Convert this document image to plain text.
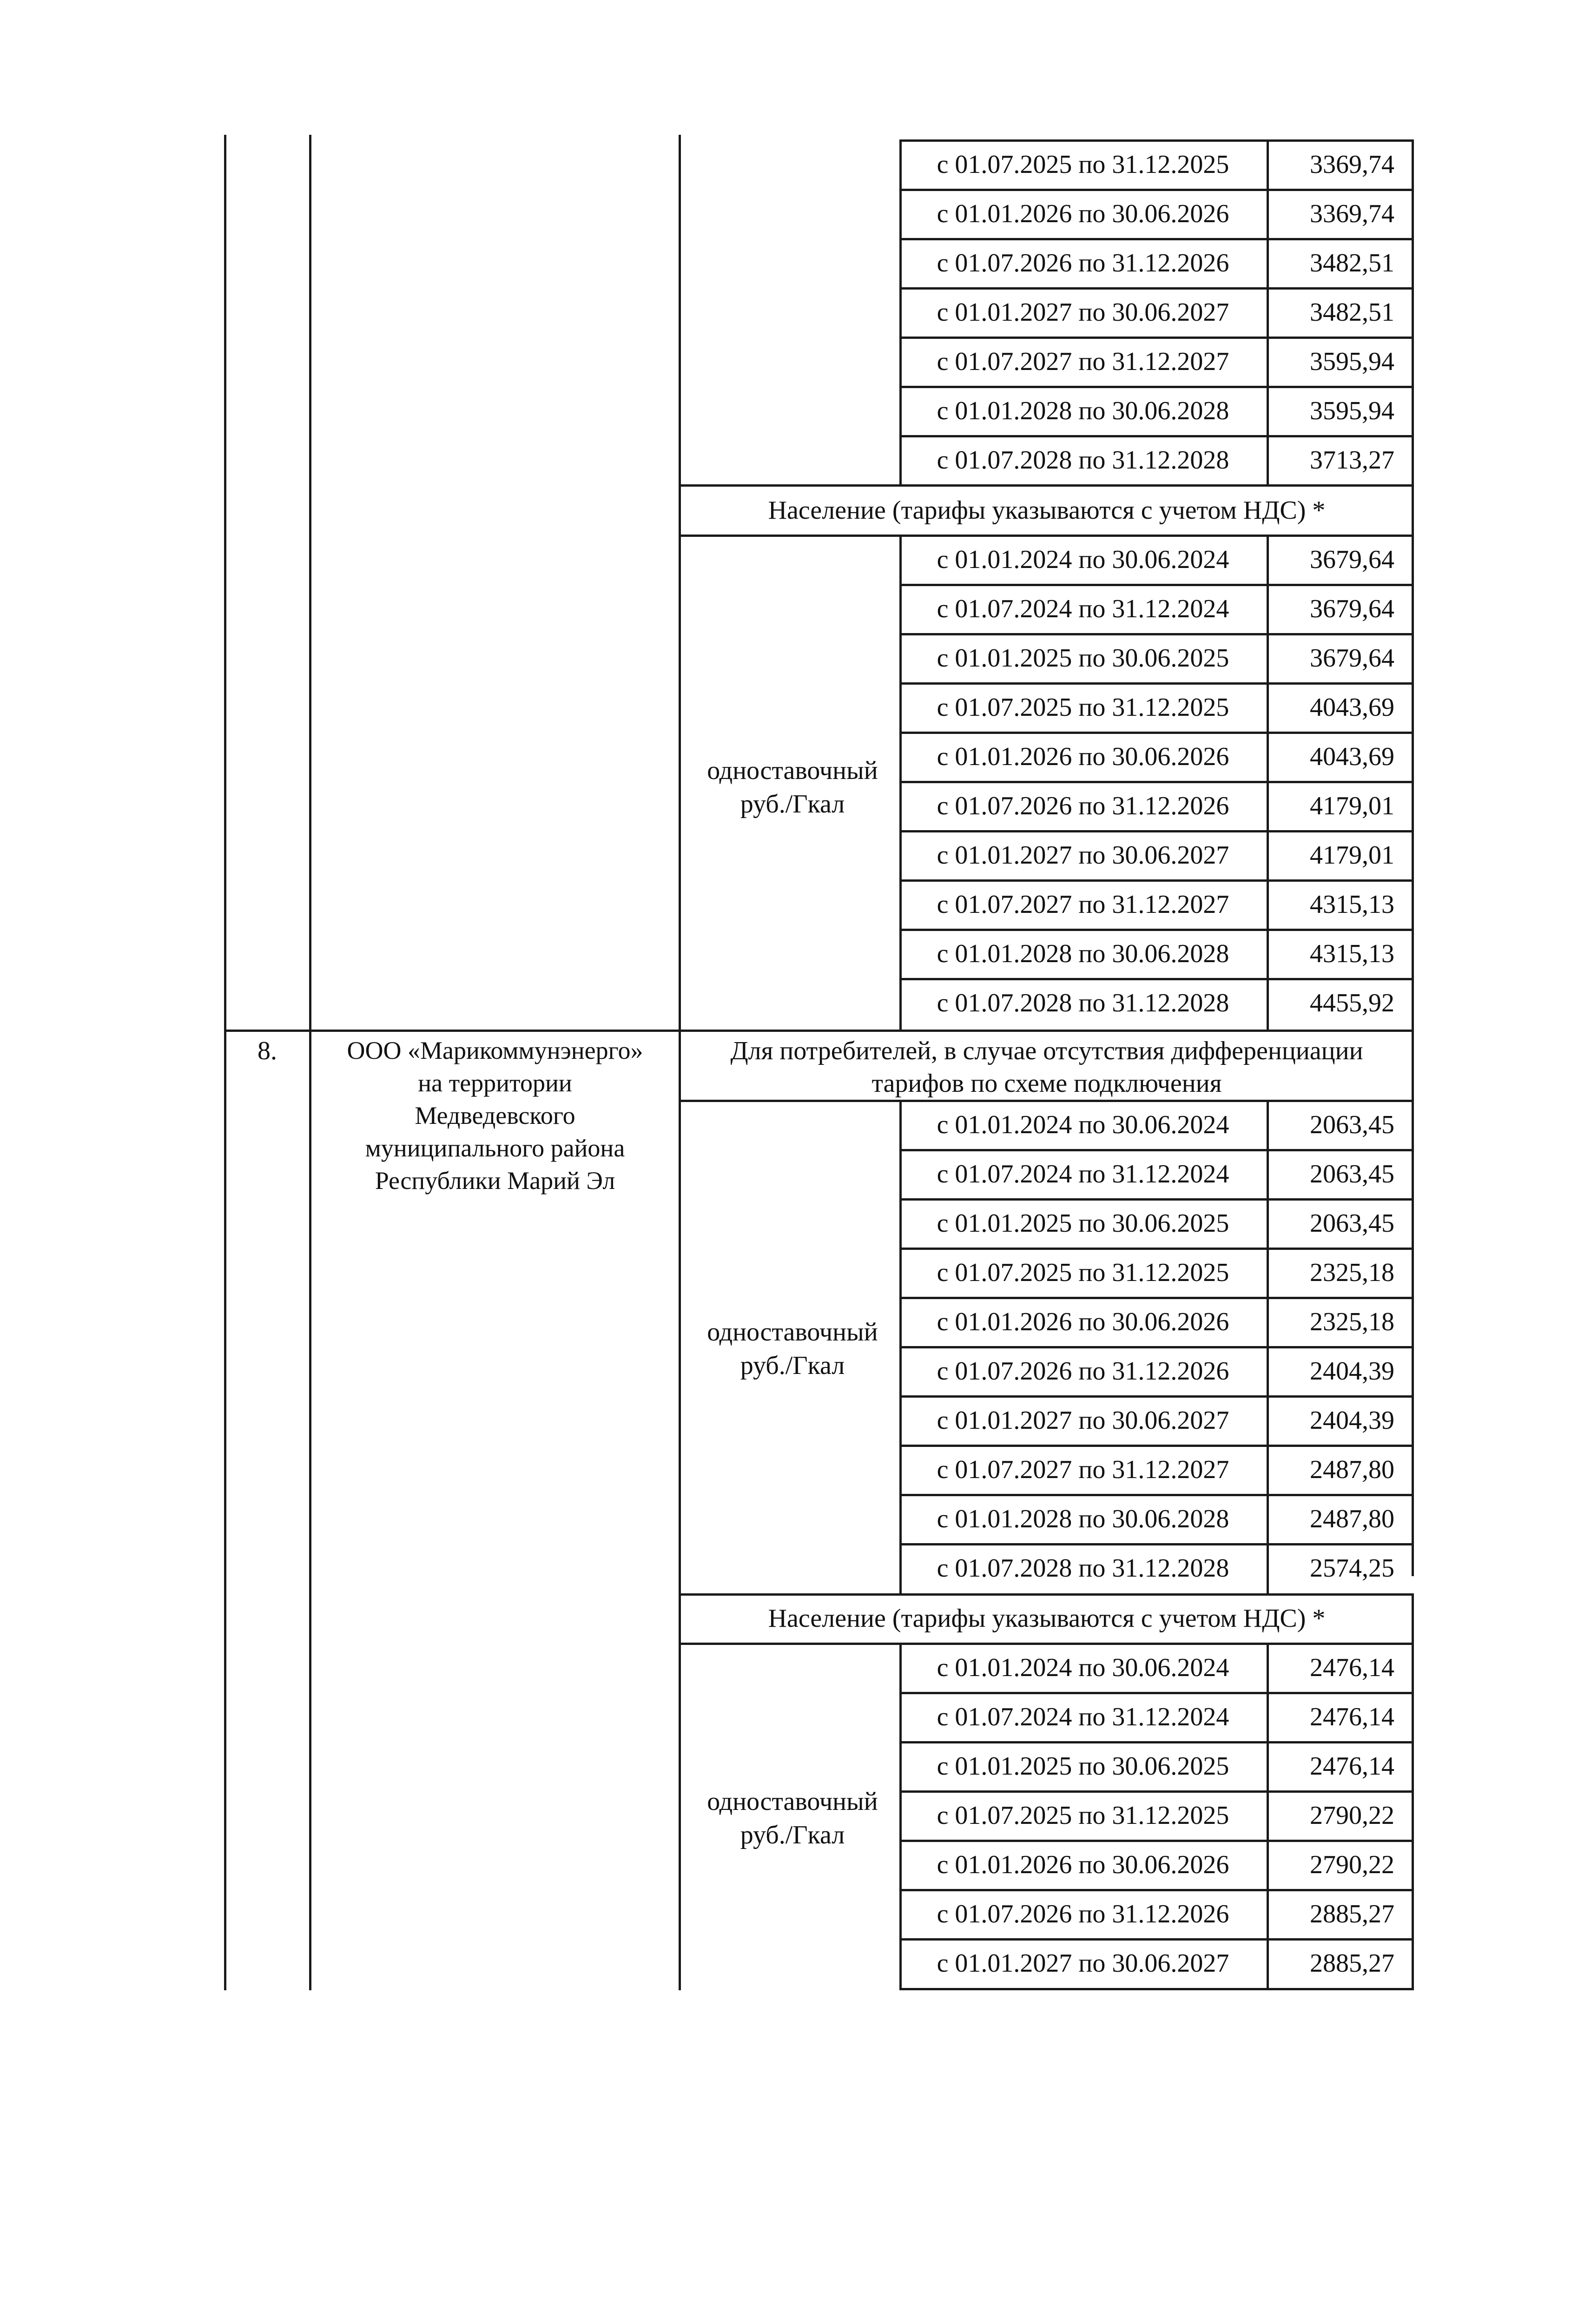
с 01.07.2025 по 31.12.2025	3369,74
с 01.01.2026 по 30.06.2026	3369,74
с 01.07.2026 по 31.12.2026	3482,51
с 01.01.2027 по 30.06.2027	3482,51
с 01.07.2027 по 31.12.2027	3595,94
с 01.01.2028 по 30.06.2028	3595,94
с 01.07.2028 по 31.12.2028	3713,27
Население (тарифы указываются с учетом НДС) *
одноставочный
руб./Гкал
с 01.01.2024 по 30.06.2024	3679,64
с 01.07.2024 по 31.12.2024	3679,64
с 01.01.2025 по 30.06.2025	3679,64
с 01.07.2025 по 31.12.2025	4043,69
с 01.01.2026 по 30.06.2026	4043,69
с 01.07.2026 по 31.12.2026	4179,01
с 01.01.2027 по 30.06.2027	4179,01
с 01.07.2027 по 31.12.2027	4315,13
с 01.01.2028 по 30.06.2028	4315,13
с 01.07.2028 по 31.12.2028	4455,92
8.	ООО «Марикоммунэнерго»
на территории
Медведевского
муниципального района
Республики Марий Эл
Для потребителей, в случае отсутствия дифференциации
тарифов по схеме подключения
одноставочный
руб./Гкал
с 01.01.2024 по 30.06.2024	2063,45
с 01.07.2024 по 31.12.2024	2063,45
с 01.01.2025 по 30.06.2025	2063,45
с 01.07.2025 по 31.12.2025	2325,18
с 01.01.2026 по 30.06.2026	2325,18
с 01.07.2026 по 31.12.2026	2404,39
с 01.01.2027 по 30.06.2027	2404,39
с 01.07.2027 по 31.12.2027	2487,80
с 01.01.2028 по 30.06.2028	2487,80
с 01.07.2028 по 31.12.2028	2574,25
Население (тарифы указываются с учетом НДС) *
одноставочный
руб./Гкал
с 01.01.2024 по 30.06.2024	2476,14
с 01.07.2024 по 31.12.2024	2476,14
с 01.01.2025 по 30.06.2025	2476,14
с 01.07.2025 по 31.12.2025	2790,22
с 01.01.2026 по 30.06.2026	2790,22
с 01.07.2026 по 31.12.2026	2885,27
с 01.01.2027 по 30.06.2027	2885,27
